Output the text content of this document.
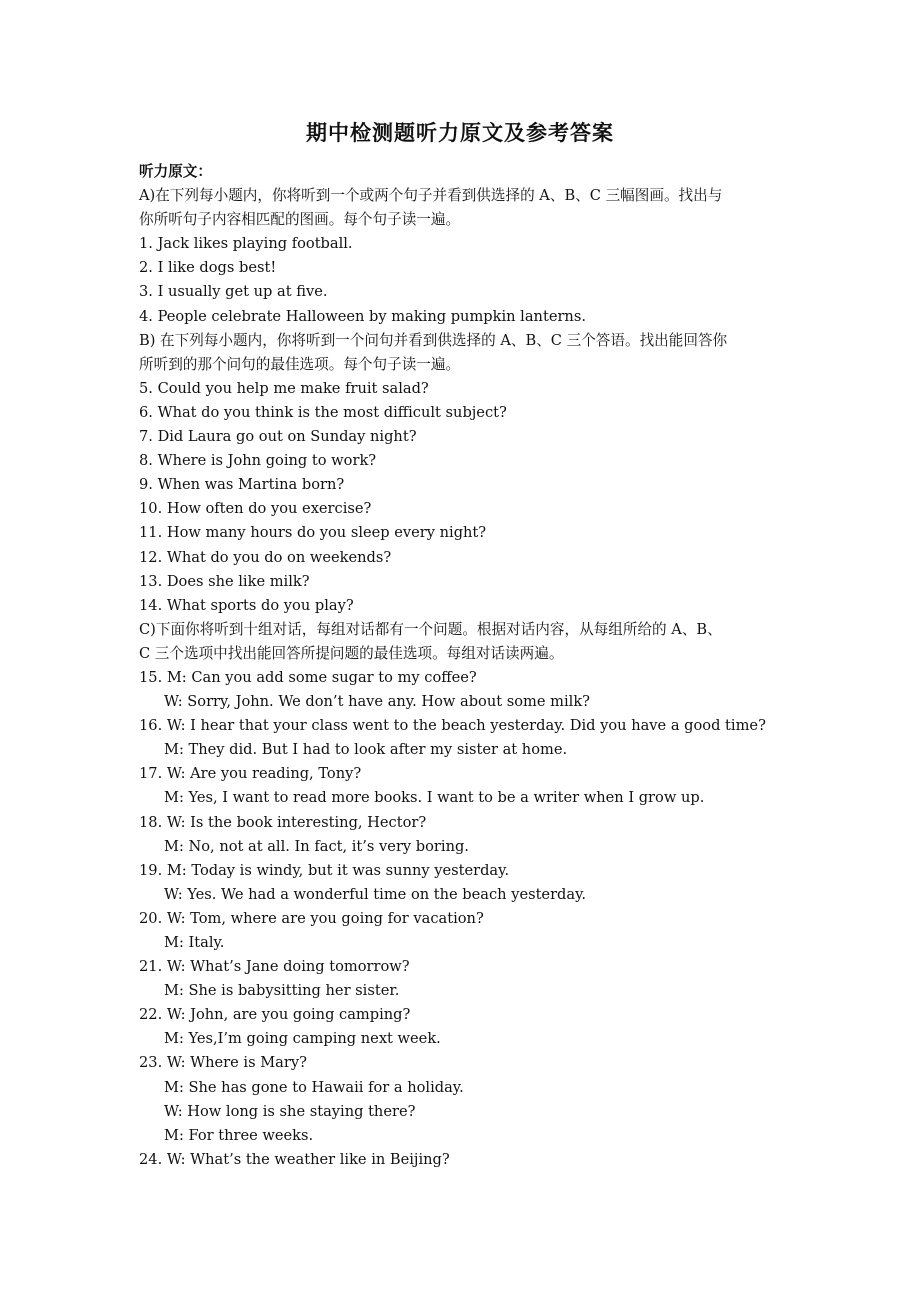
期中检测题听力原文及参考答案
听力原文：
A)在下列每小题内，你将听到一个或两个句子并看到供选择的 A、B、C 三幅图画。找出与
你所听句子内容相匹配的图画。每个句子读一遍。
1. Jack likes playing football.
2. I like dogs best!
3. I usually get up at five.
4. People celebrate Halloween by making pumpkin lanterns.
B) 在下列每小题内，你将听到一个问句并看到供选择的 A、B、C 三个答语。找出能回答你
所听到的那个问句的最佳选项。每个句子读一遍。
5. Could you help me make fruit salad?
6. What do you think is the most difficult subject?
7. Did Laura go out on Sunday night?
8. Where is John going to work?
9. When was Martina born?
10. How often do you exercise?
11. How many hours do you sleep every night?
12. What do you do on weekends?
13. Does she like milk?
14. What sports do you play?
C)下面你将听到十组对话，每组对话都有一个问题。根据对话内容，从每组所给的 A、B、
C 三个选项中找出能回答所提问题的最佳选项。每组对话读两遍。
15. M: Can you add some sugar to my coffee?
W: Sorry, John. We don’t have any. How about some milk?
16. W: I hear that your class went to the beach yesterday. Did you have a good time?
M: They did. But I had to look after my sister at home.
17. W: Are you reading, Tony?
M: Yes, I want to read more books. I want to be a writer when I grow up.
18. W: Is the book interesting, Hector?
M: No, not at all. In fact, it’s very boring.
19. M: Today is windy, but it was sunny yesterday.
W: Yes. We had a wonderful time on the beach yesterday.
20. W: Tom, where are you going for vacation?
M: Italy.
21. W: What’s Jane doing tomorrow?
M: She is babysitting her sister.
22. W: John, are you going camping?
M: Yes,I’m going camping next week.
23. W: Where is Mary?
M: She has gone to Hawaii for a holiday.
W: How long is she staying there?
M: For three weeks.
24. W: What’s the weather like in Beijing?
